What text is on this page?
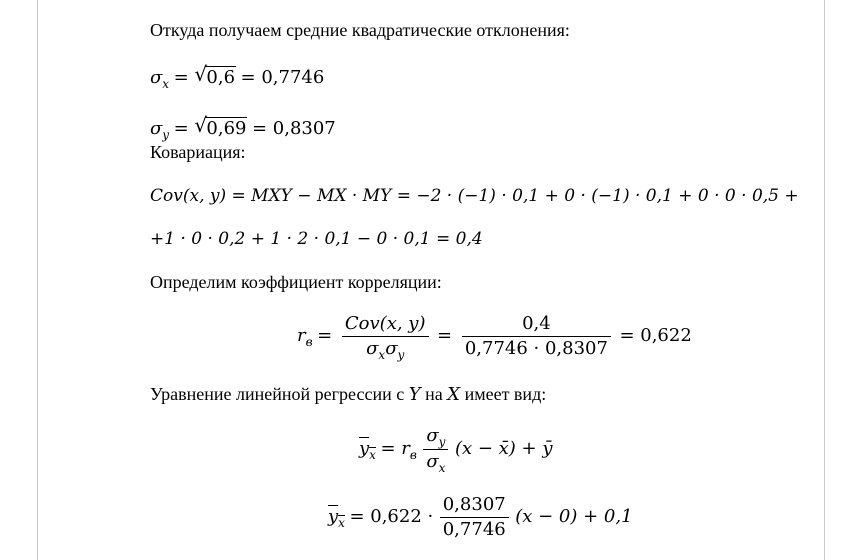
Откуда получаем средние квадратические отклонения:
$\sigma_x$ = √ 0,6 = 0,7746
$\sigma_y$ = √ 0,69 = 0,8307
Ковариация:
Cov(x, y) = MXY − MX · MY = −2 · (−1) · 0,1 + 0 · (−1) · 0,1 + 0 · 0 · 0,5 +
+1 · 0 · 0,2 + 1 · 2 · 0,1 − 0 · 0,1 = 0,4
Определим коэффициент корреляции:
$r_в = \frac{\text{Cov(x, y)}}{\sigma_x\sigma_y} = \frac{0,4}{0,7746 \cdot 0,8307} = 0,622$
Уравнение линейной регрессии с Y на X имеет вид:
$y_x = r_в \frac{\sigma_y}{\sigma_x} (x$ − x̄) + ȳ
$y_x = 0,622 \cdot \frac{0,8307}{0,7746} (x - 0) + 0,1$
